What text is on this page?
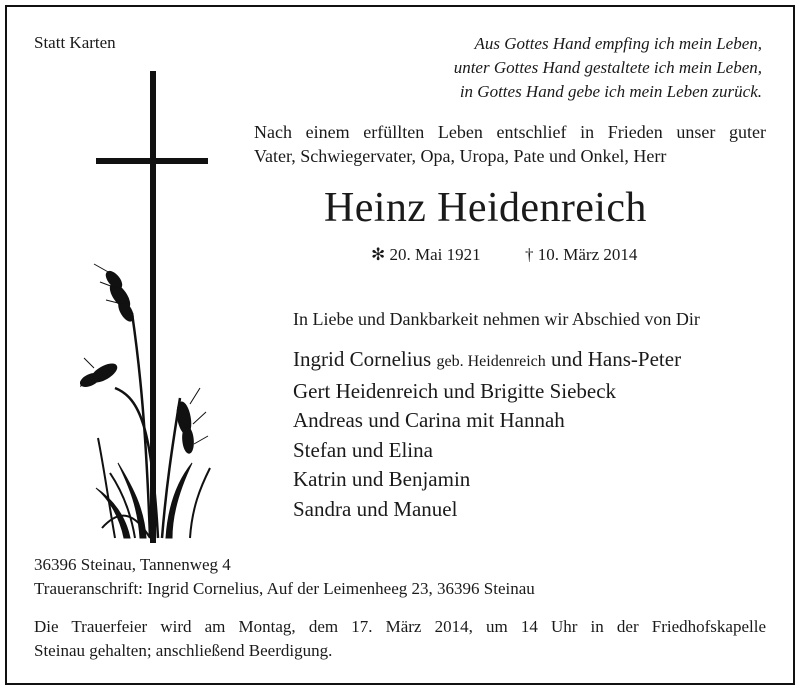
Statt Karten	Aus Gottes Hand empfing ich mein Leben,
unter Gottes Hand gestaltete ich mein Leben,
in Gottes Hand gebe ich mein Leben zurück.
Nach einem erfüllten Leben entschlief in Frieden unser guter
Vater, Schwiegervater, Opa, Uropa, Pate und Onkel, Herr
Heinz Heidenreich
✻ 20. Mai 1921	† 10. März 2014
In Liebe und Dankbarkeit nehmen wir Abschied von Dir
Ingrid Cornelius geb. Heidenreich und Hans-Peter
Gert Heidenreich und Brigitte Siebeck
Andreas und Carina mit Hannah
Stefan und Elina
Katrin und Benjamin
Sandra und Manuel
36396 Steinau, Tannenweg 4
Traueranschrift: Ingrid Cornelius, Auf der Leimenheeg 23, 36396 Steinau
Die Trauerfeier wird am Montag, dem 17. März 2014, um 14 Uhr in der Friedhofskapelle
Steinau gehalten; anschließend Beerdigung.
